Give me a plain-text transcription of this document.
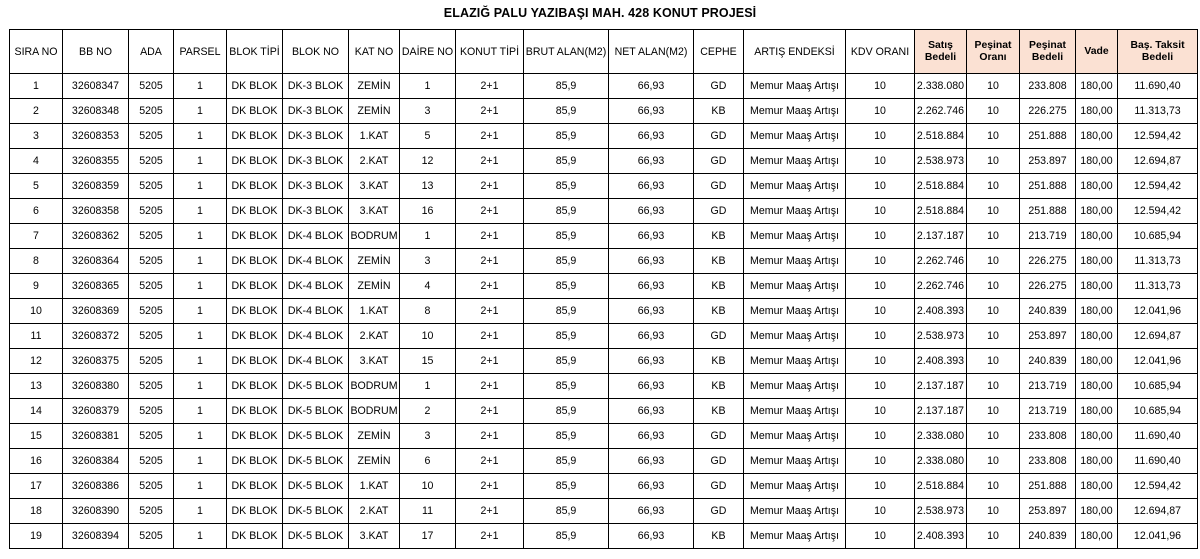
ELAZIĞ PALU YAZIBAŞI MAH. 428 KONUT PROJESİ
SIRA NO	BB NO	ADA	PARSEL	BLOK TİPİ	BLOK NO	KAT NO	DAİRE NO	KONUT TİPİ	BRUT ALAN(M2)	NET ALAN(M2)	CEPHE	ARTIŞ ENDEKSİ	KDV ORANI	Satış Bedeli	Peşinat Oranı	Peşinat Bedeli	Vade	Baş. Taksit Bedeli
1	32608347	5205	1	DK BLOK	DK-3 BLOK	ZEMİN	1	2+1	85,9	66,93	GD	Memur Maaş Artışı	10	2.338.080	10	233.808	180,00	11.690,40
2	32608348	5205	1	DK BLOK	DK-3 BLOK	ZEMİN	3	2+1	85,9	66,93	KB	Memur Maaş Artışı	10	2.262.746	10	226.275	180,00	11.313,73
3	32608353	5205	1	DK BLOK	DK-3 BLOK	1.KAT	5	2+1	85,9	66,93	GD	Memur Maaş Artışı	10	2.518.884	10	251.888	180,00	12.594,42
4	32608355	5205	1	DK BLOK	DK-3 BLOK	2.KAT	12	2+1	85,9	66,93	GD	Memur Maaş Artışı	10	2.538.973	10	253.897	180,00	12.694,87
5	32608359	5205	1	DK BLOK	DK-3 BLOK	3.KAT	13	2+1	85,9	66,93	GD	Memur Maaş Artışı	10	2.518.884	10	251.888	180,00	12.594,42
6	32608358	5205	1	DK BLOK	DK-3 BLOK	3.KAT	16	2+1	85,9	66,93	GD	Memur Maaş Artışı	10	2.518.884	10	251.888	180,00	12.594,42
7	32608362	5205	1	DK BLOK	DK-4 BLOK	BODRUM	1	2+1	85,9	66,93	KB	Memur Maaş Artışı	10	2.137.187	10	213.719	180,00	10.685,94
8	32608364	5205	1	DK BLOK	DK-4 BLOK	ZEMİN	3	2+1	85,9	66,93	KB	Memur Maaş Artışı	10	2.262.746	10	226.275	180,00	11.313,73
9	32608365	5205	1	DK BLOK	DK-4 BLOK	ZEMİN	4	2+1	85,9	66,93	KB	Memur Maaş Artışı	10	2.262.746	10	226.275	180,00	11.313,73
10	32608369	5205	1	DK BLOK	DK-4 BLOK	1.KAT	8	2+1	85,9	66,93	KB	Memur Maaş Artışı	10	2.408.393	10	240.839	180,00	12.041,96
11	32608372	5205	1	DK BLOK	DK-4 BLOK	2.KAT	10	2+1	85,9	66,93	GD	Memur Maaş Artışı	10	2.538.973	10	253.897	180,00	12.694,87
12	32608375	5205	1	DK BLOK	DK-4 BLOK	3.KAT	15	2+1	85,9	66,93	KB	Memur Maaş Artışı	10	2.408.393	10	240.839	180,00	12.041,96
13	32608380	5205	1	DK BLOK	DK-5 BLOK	BODRUM	1	2+1	85,9	66,93	KB	Memur Maaş Artışı	10	2.137.187	10	213.719	180,00	10.685,94
14	32608379	5205	1	DK BLOK	DK-5 BLOK	BODRUM	2	2+1	85,9	66,93	KB	Memur Maaş Artışı	10	2.137.187	10	213.719	180,00	10.685,94
15	32608381	5205	1	DK BLOK	DK-5 BLOK	ZEMİN	3	2+1	85,9	66,93	GD	Memur Maaş Artışı	10	2.338.080	10	233.808	180,00	11.690,40
16	32608384	5205	1	DK BLOK	DK-5 BLOK	ZEMİN	6	2+1	85,9	66,93	GD	Memur Maaş Artışı	10	2.338.080	10	233.808	180,00	11.690,40
17	32608386	5205	1	DK BLOK	DK-5 BLOK	1.KAT	10	2+1	85,9	66,93	GD	Memur Maaş Artışı	10	2.518.884	10	251.888	180,00	12.594,42
18	32608390	5205	1	DK BLOK	DK-5 BLOK	2.KAT	11	2+1	85,9	66,93	GD	Memur Maaş Artışı	10	2.538.973	10	253.897	180,00	12.694,87
19	32608394	5205	1	DK BLOK	DK-5 BLOK	3.KAT	17	2+1	85,9	66,93	KB	Memur Maaş Artışı	10	2.408.393	10	240.839	180,00	12.041,96
